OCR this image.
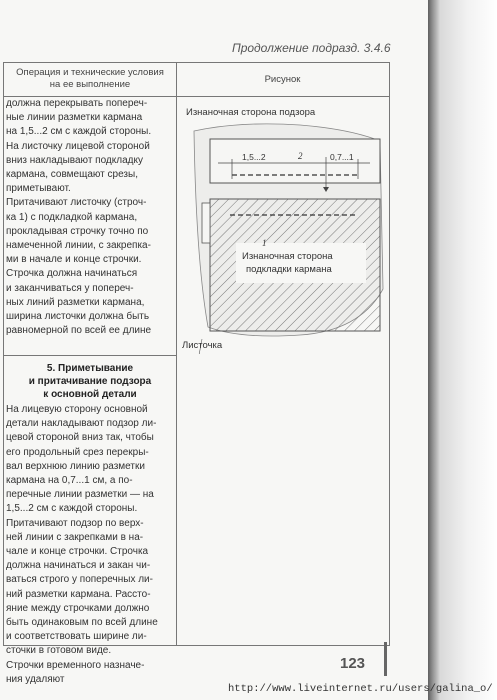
Продолжение подразд. 3.4.6
Операция и технические условия
на ее выполнение	Рисунок
должна перекрывать попереч-
ные линии разметки кармана
на 1,5...2 см с каждой стороны.
На листочку лицевой стороной
вниз накладывают подкладку
кармана, совмещают срезы,
приметывают.
Притачивают листочку (строч-
ка 1) с подкладкой кармана,
прокладывая строчку точно по
намеченной линии, с закрепка-
ми в начале и конце строчки.
Строчка должна начинаться
и заканчиваться у попереч-
ных линий разметки кармана,
ширина листочки должна быть
равномерной по всей ее длине
5. Приметывание
и притачивание подзора
к основной детали
На лицевую сторону основной
детали накладывают подзор ли-
цевой стороной вниз так, чтобы
его продольный срез перекры-
вал верхнюю линию разметки
кармана на 0,7...1 см, а по-
перечные линии разметки — на
1,5...2 см с каждой стороны.
Притачивают подзор по верх-
ней линии с закрепками в на-
чале и конце строчки. Строчка
должна начинаться и закан чи-
ваться строго у поперечных ли-
ний разметки кармана. Рассто-
яние между строчками должно
быть одинаковым по всей длине
и соответствовать ширине ли-
сточки в готовом виде.
Строчки временного назначе-
ния удаляют
Изнаночная сторона подзора
1,5...2	2	0,7...1
1
Изнаночная сторона
подкладки кармана
Листочка
123
http://www.liveinternet.ru/users/galina_o/
